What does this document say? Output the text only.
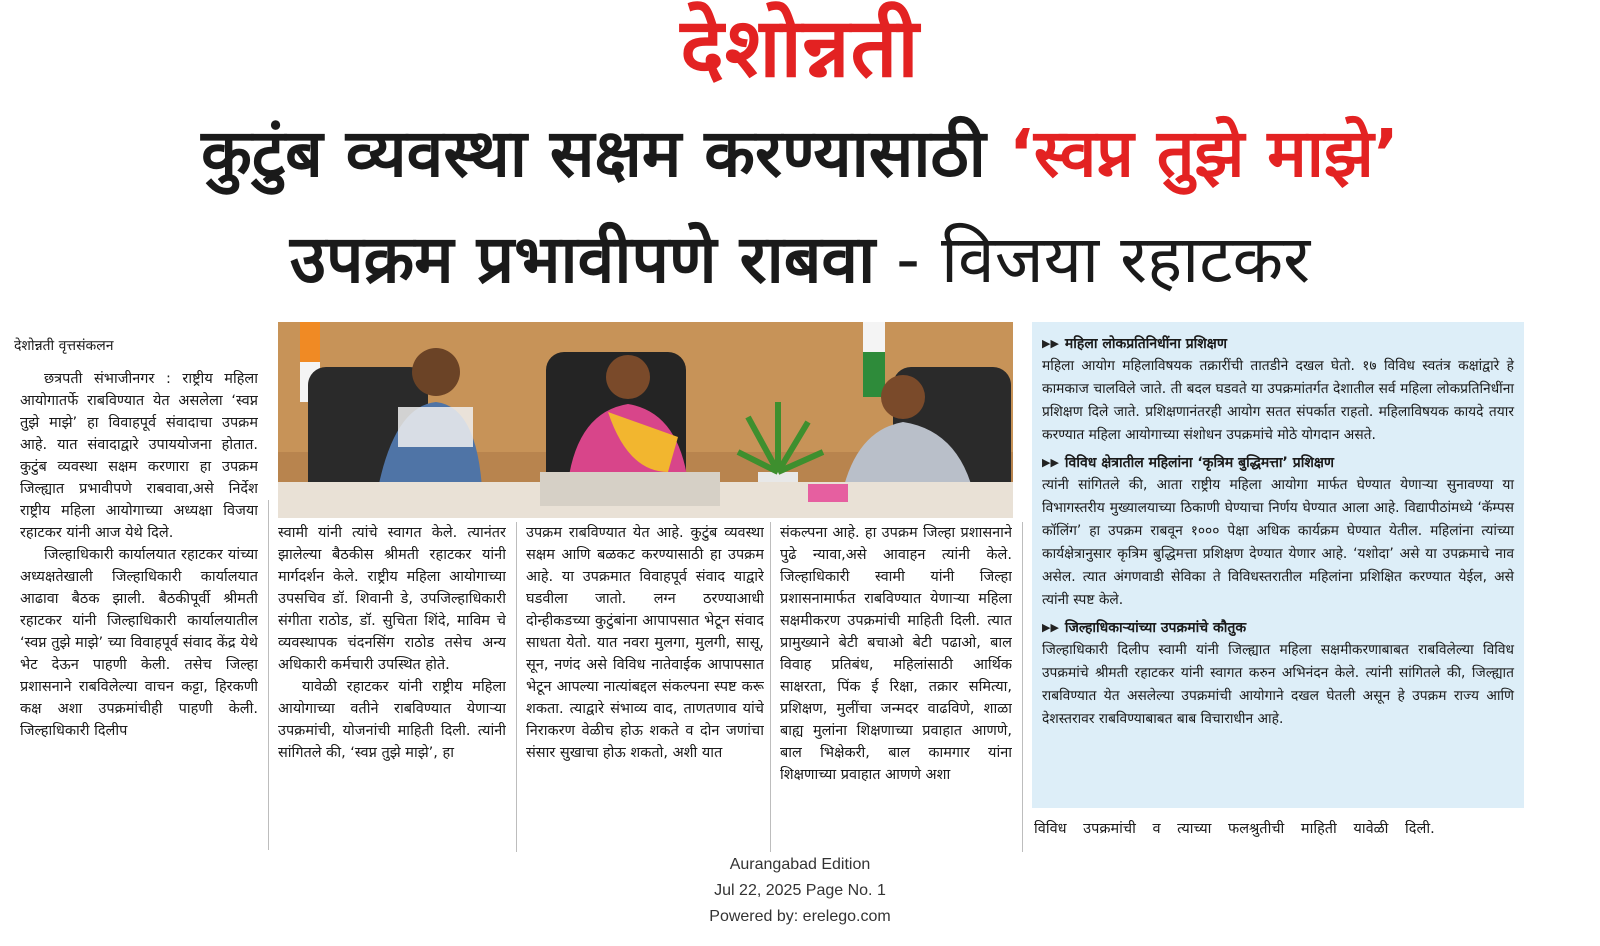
देशोन्नती
कुटुंब व्यवस्था सक्षम करण्यासाठी ‘स्वप्न तुझे माझे’
उपक्रम प्रभावीपणे राबवा - विजया रहाटकर
देशोन्नती वृत्तसंकलन

छत्रपती संभाजीनगर : राष्ट्रीय महिला आयोगातर्फे राबविण्यात येत असलेला ‘स्वप्न तुझे माझे’ हा विवाहपूर्व संवादाचा उपक्रम आहे. यात संवादाद्वारे उपाययोजना होतात. कुटुंब व्यवस्था सक्षम करणारा हा उपक्रम जिल्ह्यात प्रभावीपणे राबवावा,असे निर्देश राष्ट्रीय महिला आयोगाच्या अध्यक्षा विजया रहाटकर यांनी आज येथे दिले.

जिल्हाधिकारी कार्यालयात रहाटकर यांच्या अध्यक्षतेखाली जिल्हाधिकारी कार्यालयात आढावा बैठक झाली. बैठकीपूर्वी श्रीमती रहाटकर यांनी जिल्हाधिकारी कार्यालयातील ‘स्वप्न तुझे माझे’ च्या विवाहपूर्व संवाद केंद्र येथे भेट देऊन पाहणी केली. तसेच जिल्हा प्रशासनाने राबविलेल्या वाचन कट्टा, हिरकणी कक्ष अशा उपक्रमांचीही पाहणी केली. जिल्हाधिकारी दिलीप

स्वामी यांनी त्यांचे स्वागत केले. त्यानंतर झालेल्या बैठकीस श्रीमती रहाटकर यांनी मार्गदर्शन केले. राष्ट्रीय महिला आयोगाच्या उपसचिव डॉ. शिवानी डे, उपजिल्हाधिकारी संगीता राठोड, डॉ. सुचिता शिंदे, माविम चे व्यवस्थापक चंदनसिंग राठोड तसेच अन्य अधिकारी कर्मचारी उपस्थित होते.

यावेळी रहाटकर यांनी राष्ट्रीय महिला आयोगाच्या वतीने राबविण्यात येणाऱ्या उपक्रमांची, योजनांची माहिती दिली. त्यांनी सांगितले की, ‘स्वप्न तुझे माझे’, हा

उपक्रम राबविण्यात येत आहे. कुटुंब व्यवस्था सक्षम आणि बळकट करण्यासाठी हा उपक्रम आहे. या उपक्रमात विवाहपूर्व संवाद याद्वारे घडवीला जातो. लग्न ठरण्याआधी दोन्हीकडच्या कुटुंबांना आपापसात भेटून संवाद साधता येतो. यात नवरा मुलगा, मुलगी, सासू, सून, नणंद असे विविध नातेवाईक आपापसात भेटून आपल्या नात्यांबद्दल संकल्पना स्पष्ट करू शकता. त्याद्वारे संभाव्य वाद, ताणतणाव यांचे निराकरण वेळीच होऊ शकते व दोन जणांचा संसार सुखाचा होऊ शकतो, अशी यात

संकल्पना आहे. हा उपक्रम जिल्हा प्रशासनाने पुढे न्यावा,असे आवाहन त्यांनी केले. जिल्हाधिकारी स्वामी यांनी जिल्हा प्रशासनामार्फत राबविण्यात येणाऱ्या महिला सक्षमीकरण उपक्रमांची माहिती दिली. त्यात प्रामुख्याने बेटी बचाओ बेटी पढाओ, बाल विवाह प्रतिबंध, महिलांसाठी आर्थिक साक्षरता, पिंक ई रिक्षा, तक्रार समित्या, प्रशिक्षण, मुलींचा जन्मदर वाढविणे, शाळा बाह्य मुलांना शिक्षणाच्या प्रवाहात आणणे, बाल भिक्षेकरी, बाल कामगार यांना शिक्षणाच्या प्रवाहात आणणे अशा

▶▶ महिला लोकप्रतिनिधींना प्रशिक्षण

महिला आयोग महिलाविषयक तक्रारींची तातडीने दखल घेतो. १७ विविध स्वतंत्र कक्षांद्वारे हे कामकाज चालविले जाते. ती बदल घडवते या उपक्रमांतर्गत देशातील सर्व महिला लोकप्रतिनिधींना प्रशिक्षण दिले जाते. प्रशिक्षणानंतरही आयोग सतत संपर्कात राहतो. महिलाविषयक कायदे तयार करण्यात महिला आयोगाच्या संशोधन उपक्रमांचे मोठे योगदान असते.

▶▶ विविध क्षेत्रातील महिलांना ‘कृत्रिम बुद्धिमत्ता’ प्रशिक्षण

त्यांनी सांगितले की, आता राष्ट्रीय महिला आयोगा मार्फत घेण्यात येणाऱ्या सुनावण्या या विभागस्तरीय मुख्यालयाच्या ठिकाणी घेण्याचा निर्णय घेण्यात आला आहे. विद्यापीठांमध्ये ‘कॅम्पस कॉलिंग’ हा उपक्रम राबवून १००० पेक्षा अधिक कार्यक्रम घेण्यात येतील. महिलांना त्यांच्या कार्यक्षेत्रानुसार कृत्रिम बुद्धिमत्ता प्रशिक्षण देण्यात येणार आहे. ‘यशोदा’ असे या उपक्रमाचे नाव असेल. त्यात अंगणवाडी सेविका ते विविधस्तरातील महिलांना प्रशिक्षित करण्यात येईल, असे त्यांनी स्पष्ट केले.

▶▶ जिल्हाधिकाऱ्यांच्या उपक्रमांचे कौतुक

जिल्हाधिकारी दिलीप स्वामी यांनी जिल्ह्यात महिला सक्षमीकरणाबाबत राबविलेल्या विविध उपक्रमांचे श्रीमती रहाटकर यांनी स्वागत करुन अभिनंदन केले. त्यांनी सांगितले की, जिल्ह्यात राबविण्यात येत असलेल्या उपक्रमांची आयोगाने दखल घेतली असून हे उपक्रम राज्य आणि देशस्तरावर राबविण्याबाबत बाब विचाराधीन आहे.

विविध उपक्रमांची व त्याच्या फलश्रुतीची माहिती यावेळी दिली.
Aurangabad Edition
Jul 22, 2025 Page No. 1
Powered by: erelego.com
